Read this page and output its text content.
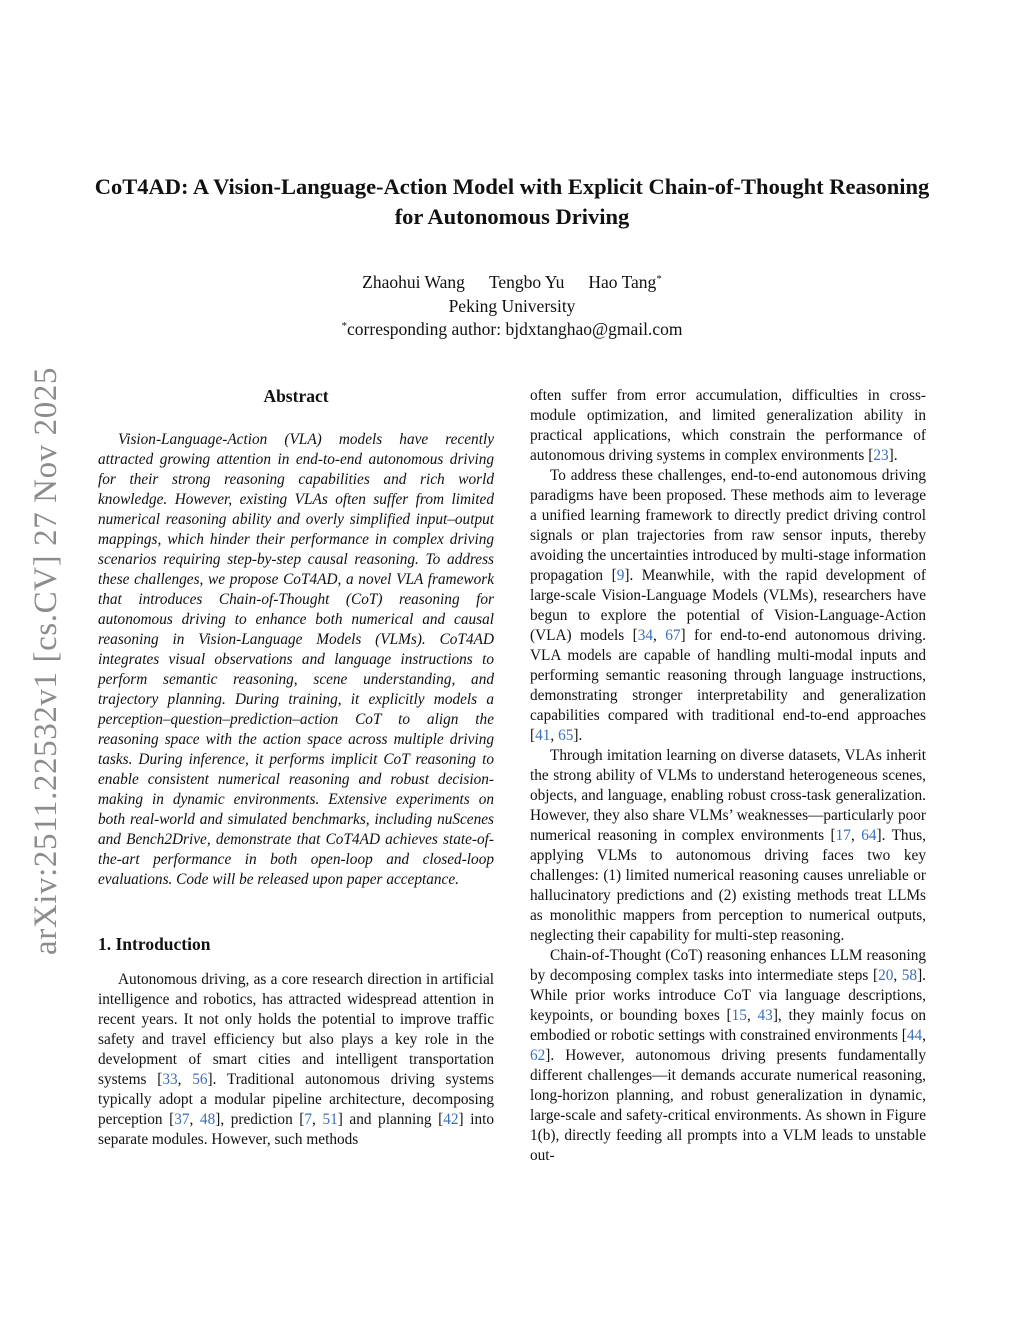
arXiv:2511.22532v1 [cs.CV] 27 Nov 2025
CoT4AD: A Vision-Language-Action Model with Explicit Chain-of-Thought Reasoning for Autonomous Driving
Zhaohui Wang Tengbo Yu Hao Tang*
Peking University
*corresponding author: bjdxtanghao@gmail.com
Abstract

Vision-Language-Action (VLA) models have recently attracted growing attention in end-to-end autonomous driving for their strong reasoning capabilities and rich world knowledge. However, existing VLAs often suffer from limited numerical reasoning ability and overly simplified input–output mappings, which hinder their performance in complex driving scenarios requiring step-by-step causal reasoning. To address these challenges, we propose CoT4AD, a novel VLA framework that introduces Chain-of-Thought (CoT) reasoning for autonomous driving to enhance both numerical and causal reasoning in Vision-Language Models (VLMs). CoT4AD integrates visual observations and language instructions to perform semantic reasoning, scene understanding, and trajectory planning. During training, it explicitly models a perception–question–prediction–action CoT to align the reasoning space with the action space across multiple driving tasks. During inference, it performs implicit CoT reasoning to enable consistent numerical reasoning and robust decision-making in dynamic environments. Extensive experiments on both real-world and simulated benchmarks, including nuScenes and Bench2Drive, demonstrate that CoT4AD achieves state-of-the-art performance in both open-loop and closed-loop evaluations. Code will be released upon paper acceptance.

1. Introduction

Autonomous driving, as a core research direction in artificial intelligence and robotics, has attracted widespread attention in recent years. It not only holds the potential to improve traffic safety and travel efficiency but also plays a key role in the development of smart cities and intelligent transportation systems [33, 56]. Traditional autonomous driving systems typically adopt a modular pipeline architecture, decomposing perception [37, 48], prediction [7, 51] and planning [42] into separate modules. However, such methods

often suffer from error accumulation, difficulties in cross-module optimization, and limited generalization ability in practical applications, which constrain the performance of autonomous driving systems in complex environments [23].

To address these challenges, end-to-end autonomous driving paradigms have been proposed. These methods aim to leverage a unified learning framework to directly predict driving control signals or plan trajectories from raw sensor inputs, thereby avoiding the uncertainties introduced by multi-stage information propagation [9]. Meanwhile, with the rapid development of large-scale Vision-Language Models (VLMs), researchers have begun to explore the potential of Vision-Language-Action (VLA) models [34, 67] for end-to-end autonomous driving. VLA models are capable of handling multi-modal inputs and performing semantic reasoning through language instructions, demonstrating stronger interpretability and generalization capabilities compared with traditional end-to-end approaches [41, 65].

Through imitation learning on diverse datasets, VLAs inherit the strong ability of VLMs to understand heterogeneous scenes, objects, and language, enabling robust cross-task generalization. However, they also share VLMs’ weaknesses—particularly poor numerical reasoning in complex environments [17, 64]. Thus, applying VLMs to autonomous driving faces two key challenges: (1) limited numerical reasoning causes unreliable or hallucinatory predictions and (2) existing methods treat LLMs as monolithic mappers from perception to numerical outputs, neglecting their capability for multi-step reasoning.

Chain-of-Thought (CoT) reasoning enhances LLM reasoning by decomposing complex tasks into intermediate steps [20, 58]. While prior works introduce CoT via language descriptions, keypoints, or bounding boxes [15, 43], they mainly focus on embodied or robotic settings with constrained environments [44, 62]. However, autonomous driving presents fundamentally different challenges—it demands accurate numerical reasoning, long-horizon planning, and robust generalization in dynamic, large-scale and safety-critical environments. As shown in Figure 1(b), directly feeding all prompts into a VLM leads to unstable out-
